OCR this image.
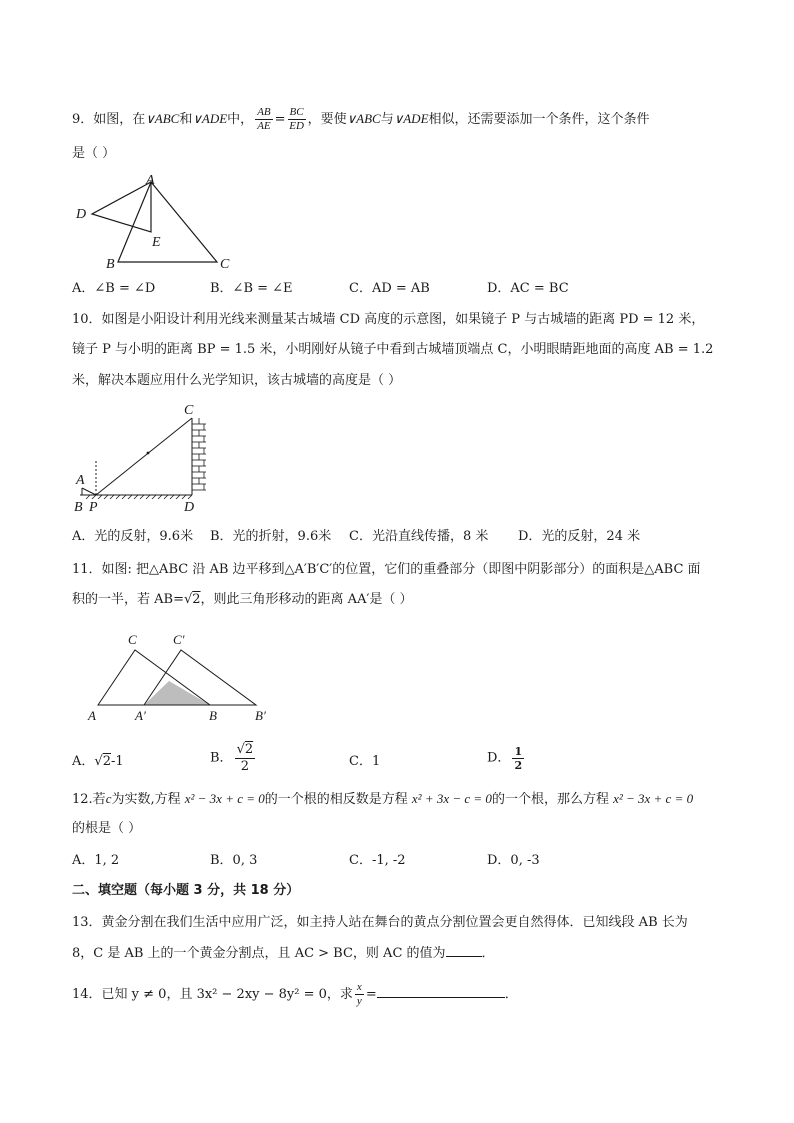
9．如图，在∨ABC和∨ADE中， $\frac{AB}{AE} = \frac{BC}{ED}$ ，要使∨ABC与∨ADE相似，还需要添加一个条件，这个条件
是（ ）
A
D
E
B	C
A．∠B = ∠D	B．∠B = ∠E	C．AD = AB	D．AC = BC
10．如图是小阳设计利用光线来测量某古城墙 CD 高度的示意图，如果镜子 P 与古城墙的距离 PD = 12 米，
镜子 P 与小明的距离 BP = 1.5 米，小明刚好从镜子中看到古城墙顶端点 C，小明眼睛距地面的高度 AB = 1.2
米，解决本题应用什么光学知识，该古城墙的高度是（ ）
C
A
B P	D
A．光的反射，9.6米 B．光的折射，9.6米 C．光沿直线传播，8 米 D．光的反射，24 米
11．如图: 把△ABC 沿 AB 边平移到△A′B′C′的位置，它们的重叠部分（即图中阴影部分）的面积是△ABC 面
积的一半，若 AB=√2，则此三角形移动的距离 AA′是（ ）
C	C′
A	A′	B	B′
A．√2-1	B． $\frac{√2}{2}$	C．1	D． $\frac{1}{2}$
12.若c为实数,方程 x² − 3x + c = 0的一个根的相反数是方程 x² + 3x − c = 0的一个根，那么方程 x² − 3x + c = 0
的根是（ ）
A．1, 2	B．0, 3	C．-1, -2	D．0, -3
二、填空题（每小题 3 分，共 18 分）
13．黄金分割在我们生活中应用广泛，如主持人站在舞台的黄点分割位置会更自然得体．已知线段 AB 长为
8，C 是 AB 上的一个黄金分割点，且 AC > BC，则 AC 的值为	．
14．已知 y ≠ 0，且 3x² − 2xy − 8y² = 0，求 $\frac{x}{y}$ =	．
